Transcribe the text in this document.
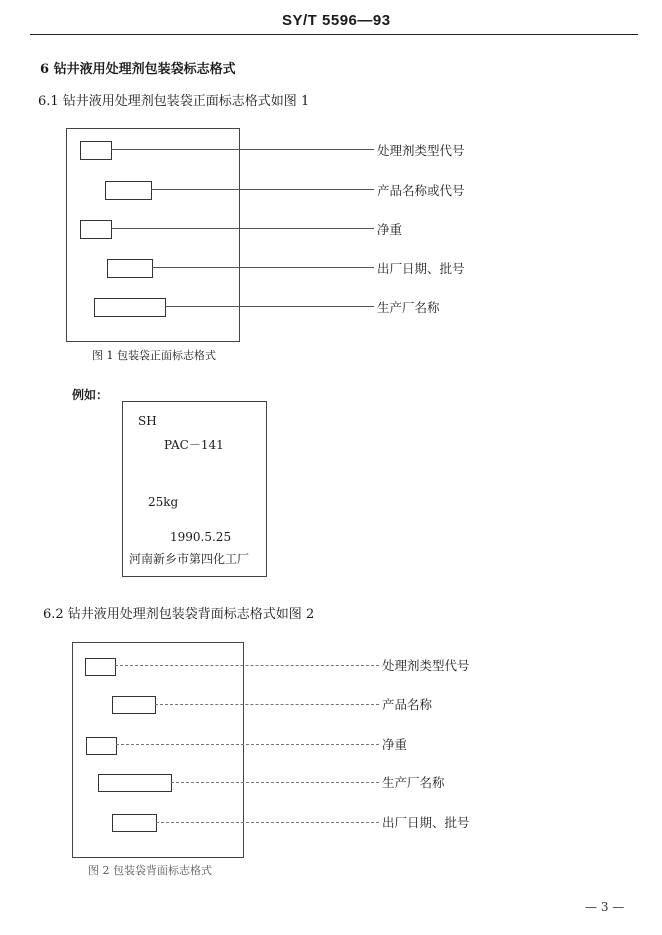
SY/T 5596—93
6 钻井液用处理剂包装袋标志格式
6.1 钻井液用处理剂包装袋正面标志格式如图 1
处理剂类型代号
产品名称或代号
净重
出厂日期、批号
生产厂名称
图 1 包装袋正面标志格式
例如：
SH
PAC－141
25kg
1990.5.25
河南新乡市第四化工厂
6.2 钻井液用处理剂包装袋背面标志格式如图 2
处理剂类型代号
产品名称
净重
生产厂名称
出厂日期、批号
图 2 包装袋背面标志格式
— 3 —
